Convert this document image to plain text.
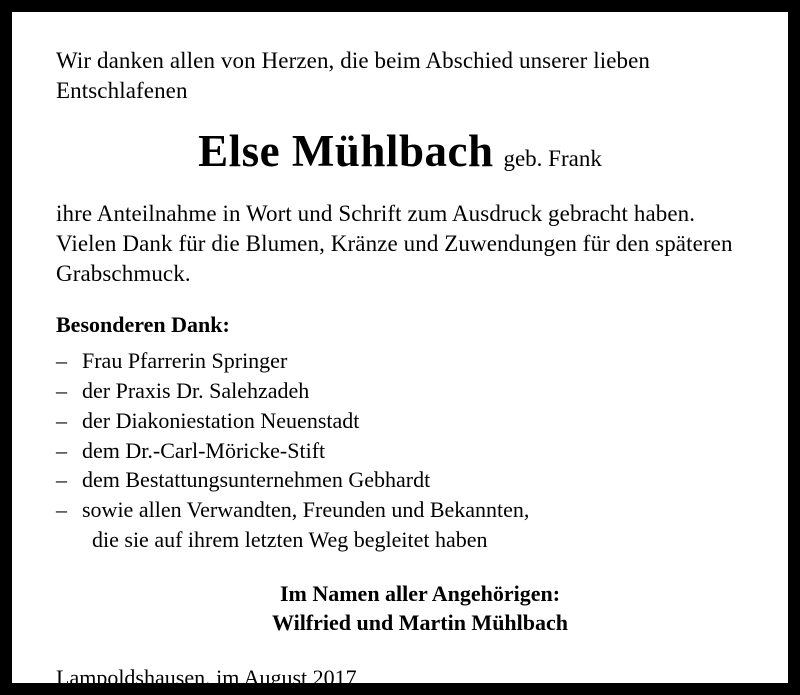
Wir danken allen von Herzen, die beim Abschied unserer lieben Entschlafenen

Else Mühlbach geb. Frank

ihre Anteilnahme in Wort und Schrift zum Ausdruck gebracht haben. Vielen Dank für die Blumen, Kränze und Zuwendungen für den späteren Grabschmuck.

Besonderen Dank:

– Frau Pfarrerin Springer
– der Praxis Dr. Salehzadeh
– der Diakoniestation Neuenstadt
– dem Dr.-Carl-Möricke-Stift
– dem Bestattungsunternehmen Gebhardt
– sowie allen Verwandten, Freunden und Bekannten,
die sie auf ihrem letzten Weg begleitet haben
Im Namen aller Angehörigen:
Wilfried und Martin Mühlbach

Lampoldshausen, im August 2017
